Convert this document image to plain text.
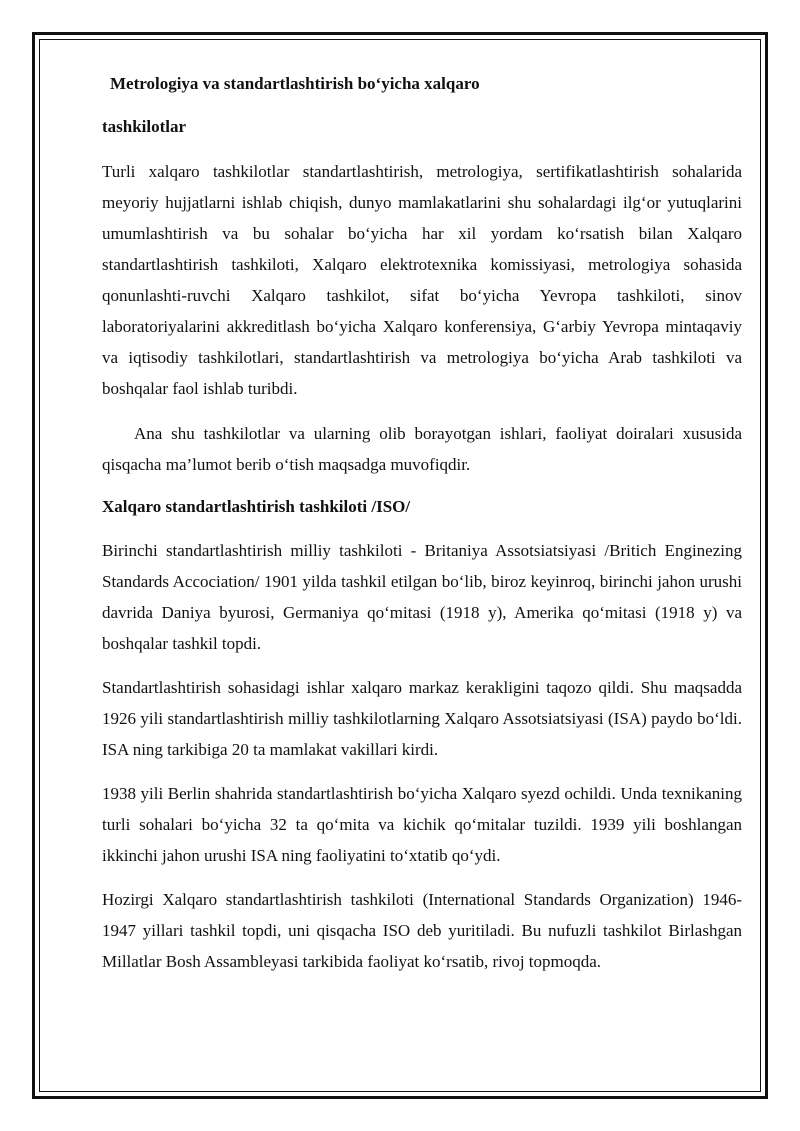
Metrologiya va standartlashtirish bo‘yicha xalqaro
tashkilotlar

Turli xalqaro tashkilotlar standartlashtirish, metrologiya, sertifikatlashtirish sohalarida meyoriy hujjatlarni ishlab chiqish, dunyo mamlakatlarini shu sohalardagi ilg‘or yutuqlarini umumlashtirish va bu sohalar bo‘yicha har xil yordam ko‘rsatish bilan Xalqaro standartlashtirish tashkiloti, Xalqaro elektrotexnika komissiyasi, metrologiya sohasida qonunlashti-ruvchi Xalqaro tashkilot, sifat bo‘yicha Yevropa tashkiloti, sinov laboratoriyalarini akkreditlash bo‘yicha Xalqaro konferensiya, G‘arbiy Yevropa mintaqaviy va iqtisodiy tashkilotlari, standartlashtirish va metrologiya bo‘yicha Arab tashkiloti va boshqalar faol ishlab turibdi.

Ana shu tashkilotlar va ularning olib borayotgan ishlari, faoliyat doiralari xususida qisqacha ma’lumot berib o‘tish maqsadga muvofiqdir.

Xalqaro standartlashtirish tashkiloti /ISO/

Birinchi standartlashtirish milliy tashkiloti - Britaniya Assotsiatsiyasi /Britich Enginezing Standards Accociation/ 1901 yilda tashkil etilgan bo‘lib, biroz keyinroq, birinchi jahon urushi davrida Daniya byurosi, Germaniya qo‘mitasi (1918 y), Amerika qo‘mitasi (1918 y) va boshqalar tashkil topdi.

Standartlashtirish sohasidagi ishlar xalqaro markaz kerakligini taqozo qildi. Shu maqsadda 1926 yili standartlashtirish milliy tashkilotlarning Xalqaro Assotsiatsiyasi (ISA) paydo bo‘ldi. ISA ning tarkibiga 20 ta mamlakat vakillari kirdi.

1938 yili Berlin shahrida standartlashtirish bo‘yicha Xalqaro syezd ochildi. Unda texnikaning turli sohalari bo‘yicha 32 ta qo‘mita va kichik qo‘mitalar tuzildi. 1939 yili boshlangan ikkinchi jahon urushi ISA ning faoliyatini to‘xtatib qo‘ydi.

Hozirgi Xalqaro standartlashtirish tashkiloti (International Standards Organization) 1946-1947 yillari tashkil topdi, uni qisqacha ISO deb yuritiladi. Bu nufuzli tashkilot Birlashgan Millatlar Bosh Assambleyasi tarkibida faoliyat ko‘rsatib, rivoj topmoqda.
